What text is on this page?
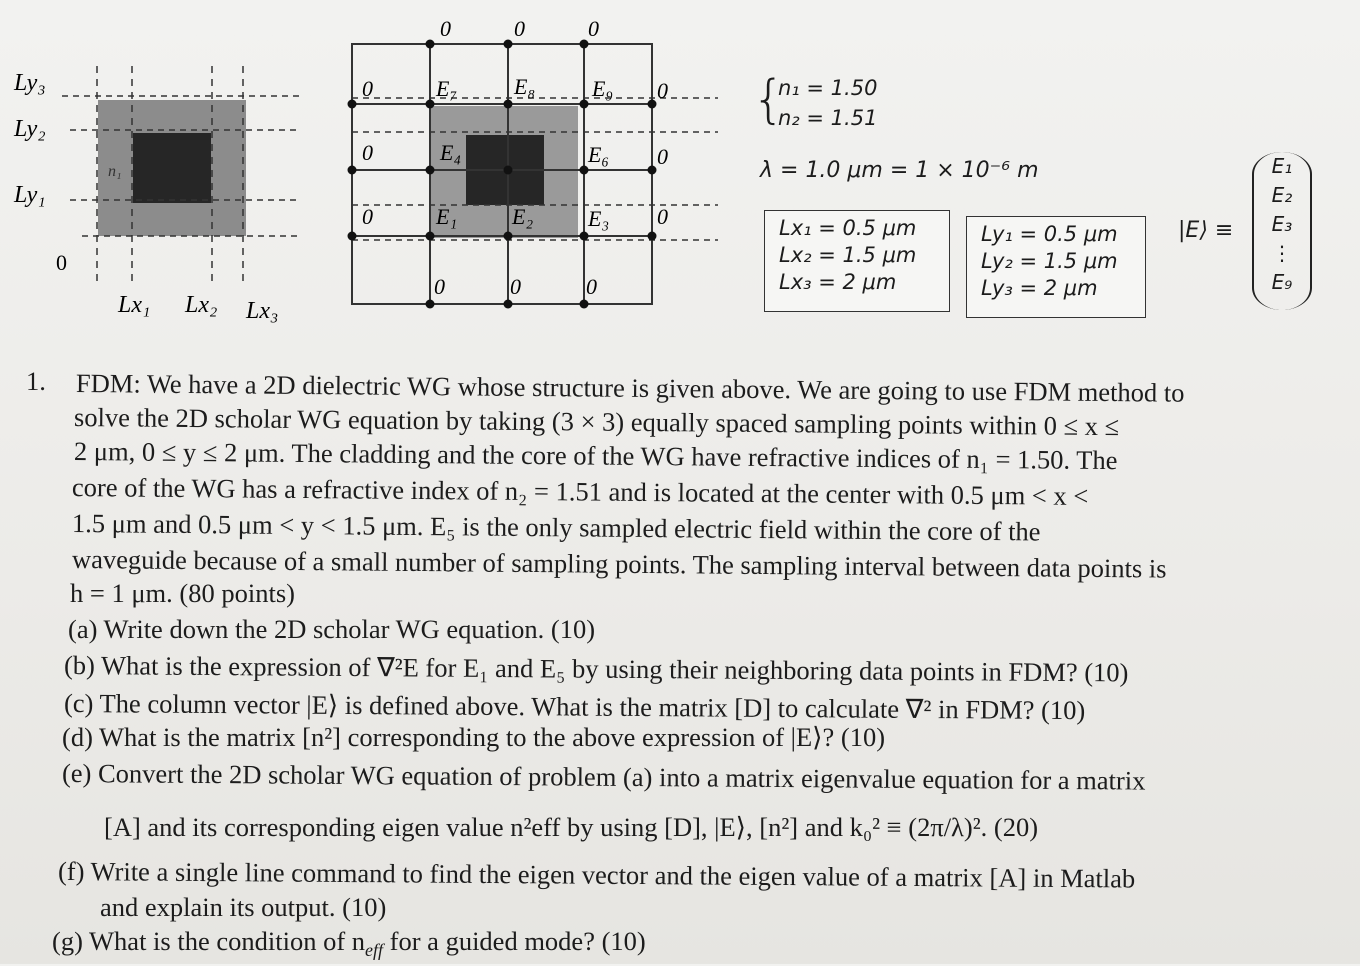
Ly₃
Ly₂
Ly₁
0
n₁
Lx₁ Lx₂ Lx₃
0	0	0
0
0
0
0
0
0
0	0	0
E₁ E₂ E₃
E₄	E₆
E₇	E₈	E₉	{
n₁ = 1.50
n₂ = 1.51
λ = 1.0 μm = 1 × 10⁻⁶ m
Lx₁ = 0.5 μm
Lx₂ = 1.5 μm
Lx₃ = 2 μm
Ly₁ = 0.5 μm
Ly₂ = 1.5 μm
Ly₃ = 2 μm
|E⟩ ≡
E₁
E₂
E₃
⋮
E₉
1. FDM: We have a 2D dielectric WG whose structure is given above. We are going to use FDM method to
solve the 2D scholar WG equation by taking (3 × 3) equally spaced sampling points within 0 ≤ x ≤
2 μm, 0 ≤ y ≤ 2 μm. The cladding and the core of the WG have refractive indices of n₁ = 1.50. The
core of the WG has a refractive index of n₂ = 1.51 and is located at the center with 0.5 μm < x <
1.5 μm and 0.5 μm < y < 1.5 μm. E₅ is the only sampled electric field within the core of the
waveguide because of a small number of sampling points. The sampling interval between data points is
h = 1 μm. (80 points)
(a) Write down the 2D scholar WG equation. (10)
(b) What is the expression of ∇²E for E₁ and E₅ by using their neighboring data points in FDM? (10)
(c) The column vector |E⟩ is defined above. What is the matrix [D] to calculate ∇² in FDM? (10)
(d) What is the matrix [n²] corresponding to the above expression of |E⟩? (10)
(e) Convert the 2D scholar WG equation of problem (a) into a matrix eigenvalue equation for a matrix
[A] and its corresponding eigen value n²eff by using [D], |E⟩, [n²] and k₀² ≡ (2π/λ)². (20)
(f) Write a single line command to find the eigen vector and the eigen value of a matrix [A] in Matlab
and explain its output. (10)
(g) What is the condition of $n_{eff}$ for a guided mode? (10)
